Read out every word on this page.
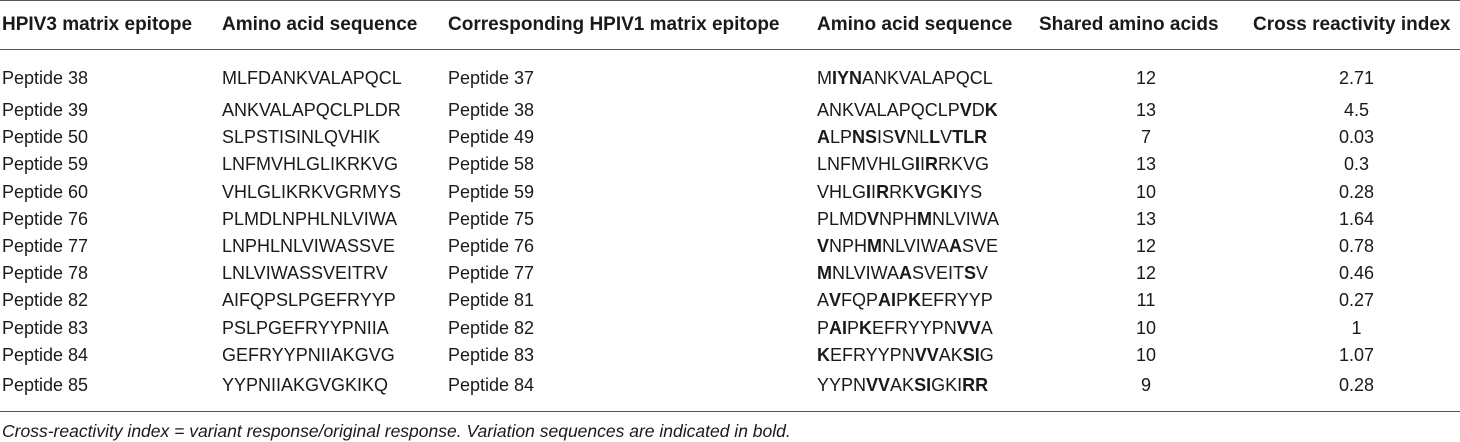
HPIV3 matrix epitope	Amino acid sequence	Corresponding HPIV1 matrix epitope	Amino acid sequence	Shared amino acids	Cross reactivity index
Peptide 38	MLFDANKVALAPQCL	Peptide 37	MIYNANKVALAPQCL	12	2.71
Peptide 39	ANKVALAPQCLPLDR	Peptide 38	ANKVALAPQCLPVDK	13	4.5
Peptide 50	SLPSTISINLQVHIK	Peptide 49	ALPNSISVNLLVTLR	7	0.03
Peptide 59	LNFMVHLGLIKRKVG	Peptide 58	LNFMVHLGIIRRKVG	13	0.3
Peptide 60	VHLGLIKRKVGRMYS	Peptide 59	VHLGIIRRKVGKIYS	10	0.28
Peptide 76	PLMDLNPHLNLVIWA	Peptide 75	PLMDVNPHMNLVIWA	13	1.64
Peptide 77	LNPHLNLVIWASSVE	Peptide 76	VNPHMNLVIWAASVE	12	0.78
Peptide 78	LNLVIWASSVEITRV	Peptide 77	MNLVIWAASVEITSV	12	0.46
Peptide 82	AIFQPSLPGEFRYYP	Peptide 81	AVFQPAIPKEFRYYP	11	0.27
Peptide 83	PSLPGEFRYYPNIIA	Peptide 82	PAIPKEFRYYPNVVA	10	1
Peptide 84	GEFRYYPNIIAKGVG	Peptide 83	KEFRYYPNVVAKSIG	10	1.07
Peptide 85	YYPNIIAKGVGKIKQ	Peptide 84	YYPNVVAKSIGKIRR	9	0.28
Cross-reactivity index = variant response/original response. Variation sequences are indicated in bold.
